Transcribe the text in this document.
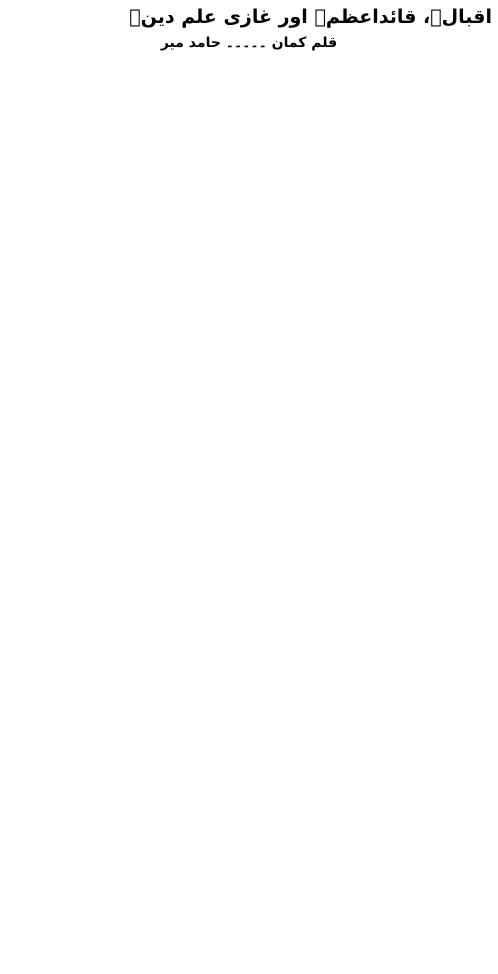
اقبالؒ، قائداعظمؒ اور غازی علم دینؒ
قلم کمان ۔۔۔۔۔ حامد میر
